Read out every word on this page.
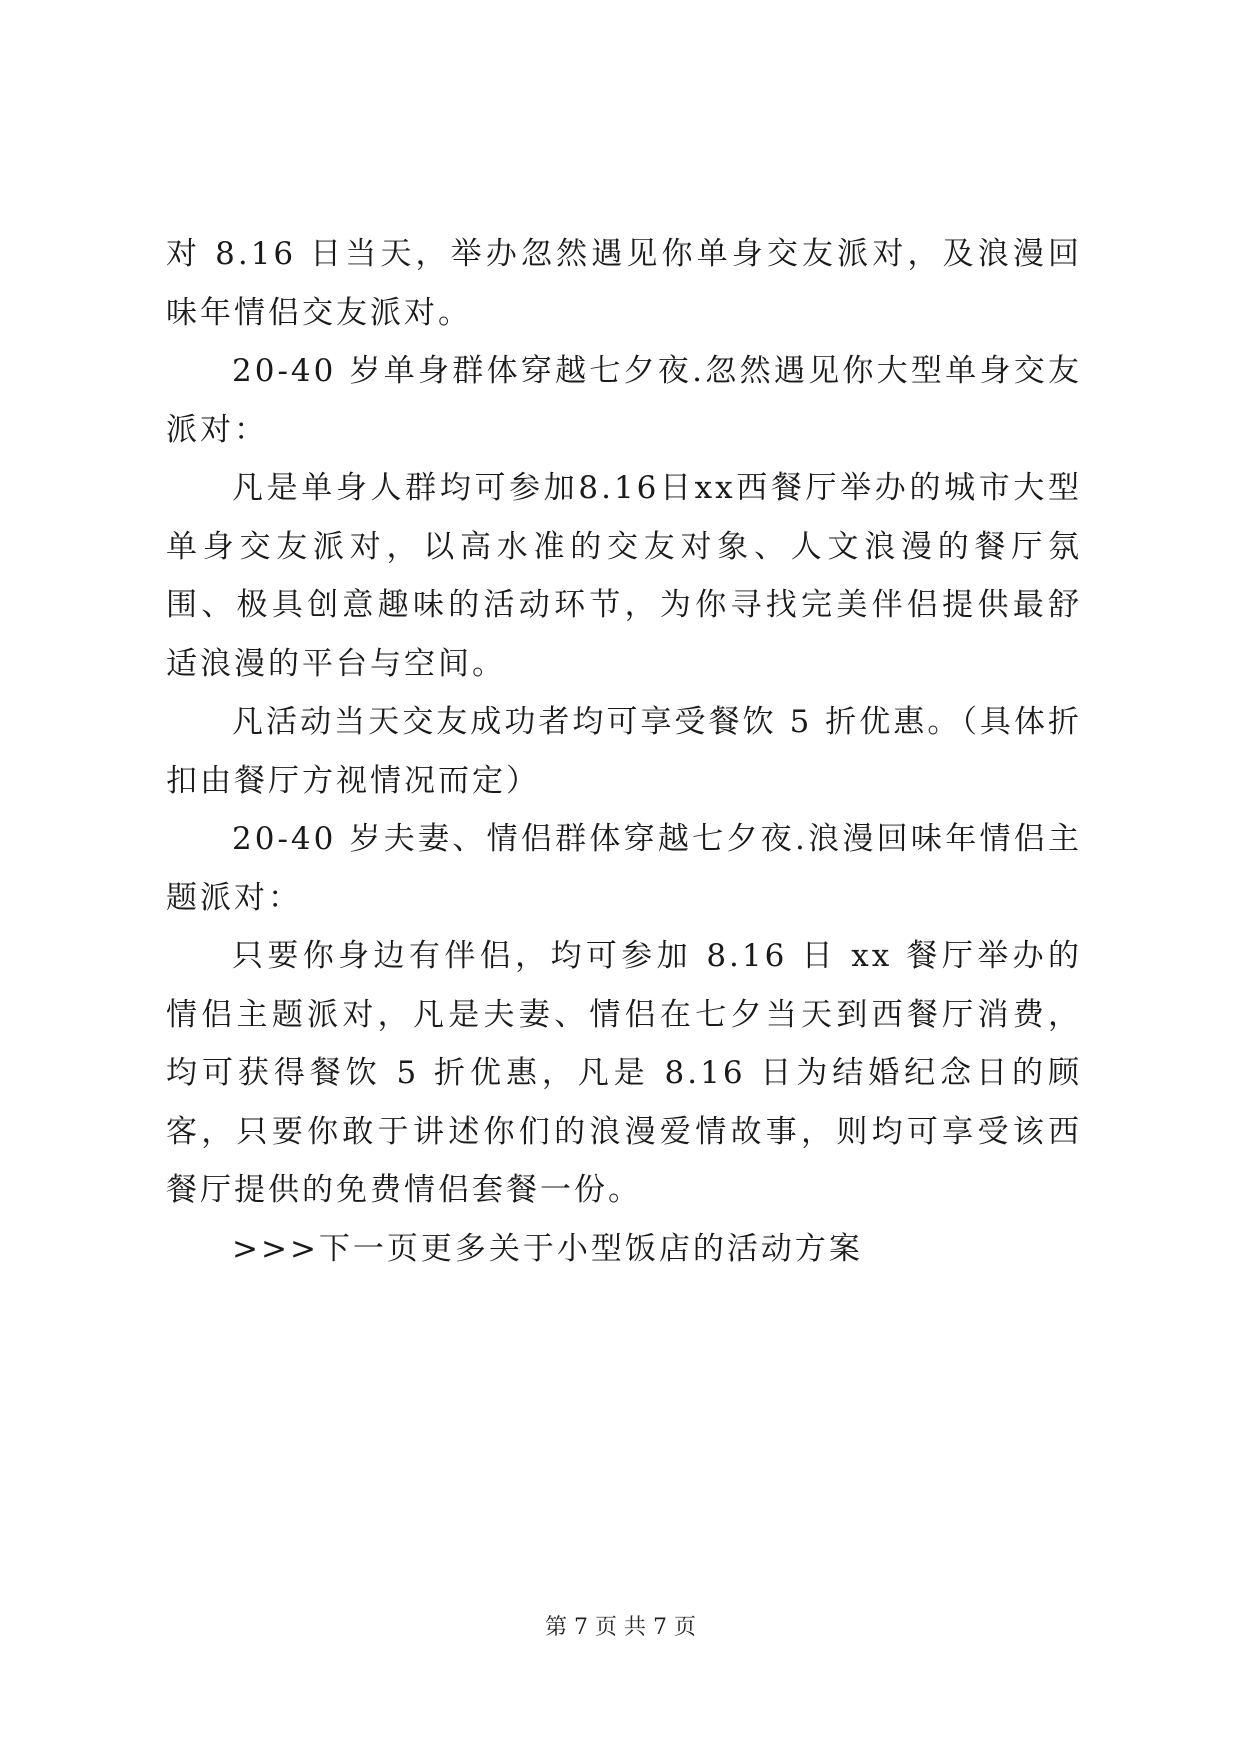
对 8.16 日当天，举办忽然遇见你单身交友派对，及浪漫回味年情侣交友派对。

20-40 岁单身群体穿越七夕夜.忽然遇见你大型单身交友派对：

凡是单身人群均可参加8.16日xx西餐厅举办的城市大型单身交友派对，以高水准的交友对象、人文浪漫的餐厅氛围、极具创意趣味的活动环节，为你寻找完美伴侣提供最舒适浪漫的平台与空间。

凡活动当天交友成功者均可享受餐饮 5 折优惠。（具体折扣由餐厅方视情况而定）

20-40 岁夫妻、情侣群体穿越七夕夜.浪漫回味年情侣主题派对：

只要你身边有伴侣，均可参加 8.16 日 xx 餐厅举办的情侣主题派对，凡是夫妻、情侣在七夕当天到西餐厅消费，均可获得餐饮 5 折优惠，凡是 8.16 日为结婚纪念日的顾客，只要你敢于讲述你们的浪漫爱情故事，则均可享受该西餐厅提供的免费情侣套餐一份。

>>>下一页更多关于小型饭店的活动方案

第 7 页 共 7 页
